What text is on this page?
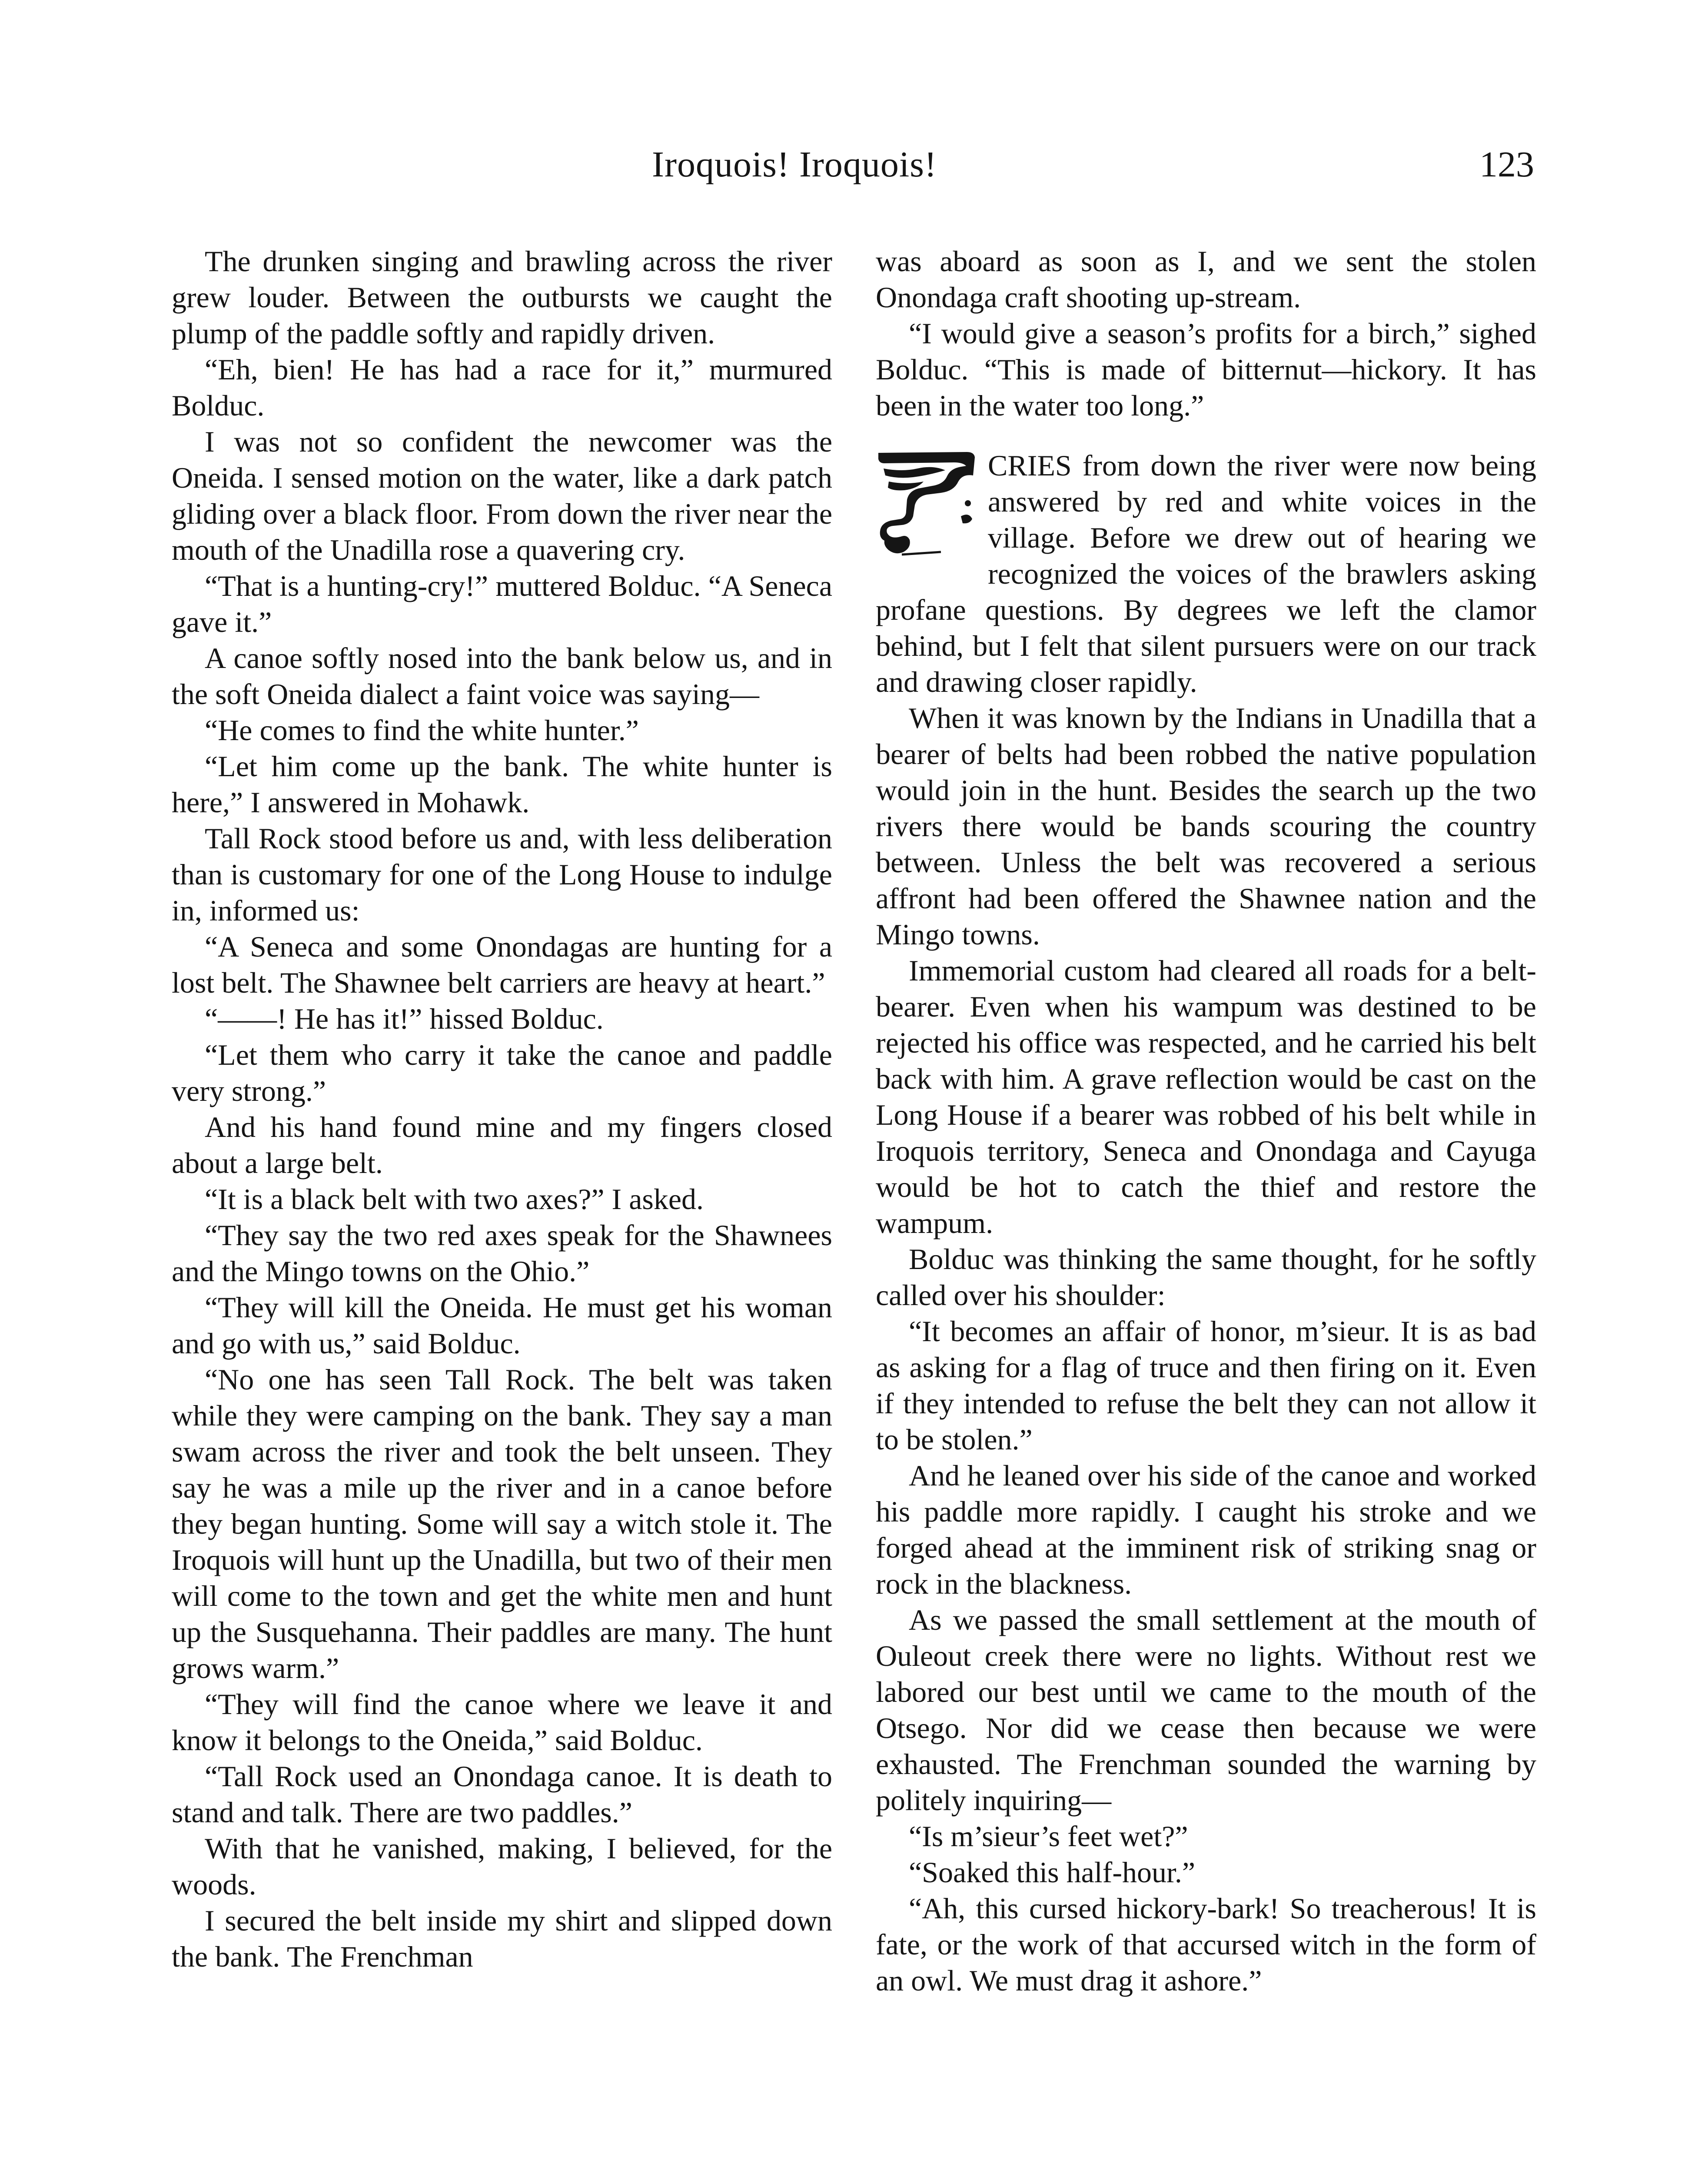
Iroquois! Iroquois!	123

The drunken singing and brawling across the river grew louder. Between the outbursts we caught the plump of the paddle softly and rapidly driven.

“Eh, bien! He has had a race for it,” murmured Bolduc.

I was not so confident the newcomer was the Oneida. I sensed motion on the water, like a dark patch gliding over a black floor. From down the river near the mouth of the Unadilla rose a quavering cry.

“That is a hunting-cry!” muttered Bolduc. “A Seneca gave it.”

A canoe softly nosed into the bank below us, and in the soft Oneida dialect a faint voice was saying—

“He comes to find the white hunter.”

“Let him come up the bank. The white hunter is here,” I answered in Mohawk.

Tall Rock stood before us and, with less deliberation than is customary for one of the Long House to indulge in, informed us:

“A Seneca and some Onondagas are hunting for a lost belt. The Shawnee belt carriers are heavy at heart.”

“——! He has it!” hissed Bolduc.

“Let them who carry it take the canoe and paddle very strong.”

And his hand found mine and my fingers closed about a large belt.

“It is a black belt with two axes?” I asked.

“They say the two red axes speak for the Shawnees and the Mingo towns on the Ohio.”

“They will kill the Oneida. He must get his woman and go with us,” said Bolduc.

“No one has seen Tall Rock. The belt was taken while they were camping on the bank. They say a man swam across the river and took the belt unseen. They say he was a mile up the river and in a canoe before they began hunting. Some will say a witch stole it. The Iroquois will hunt up the Unadilla, but two of their men will come to the town and get the white men and hunt up the Susquehanna. Their paddles are many. The hunt grows warm.”

“They will find the canoe where we leave it and know it belongs to the Oneida,” said Bolduc.

“Tall Rock used an Onondaga canoe. It is death to stand and talk. There are two paddles.”

With that he vanished, making, I believed, for the woods.

I secured the belt inside my shirt and slipped down the bank. The Frenchman

was aboard as soon as I, and we sent the stolen Onondaga craft shooting up-stream.

“I would give a season’s profits for a birch,” sighed Bolduc. “This is made of bitternut—hickory. It has been in the water too long.”

CRIES from down the river were now being answered by red and white voices in the village. Before we drew out of hearing we recognized the voices of the brawlers asking profane questions. By degrees we left the clamor behind, but I felt that silent pursuers were on our track and drawing closer rapidly.

When it was known by the Indians in Unadilla that a bearer of belts had been robbed the native population would join in the hunt. Besides the search up the two rivers there would be bands scouring the country between. Unless the belt was recovered a serious affront had been offered the Shawnee nation and the Mingo towns.

Immemorial custom had cleared all roads for a belt-bearer. Even when his wampum was destined to be rejected his office was respected, and he carried his belt back with him. A grave reflection would be cast on the Long House if a bearer was robbed of his belt while in Iroquois territory, Seneca and Onondaga and Cayuga would be hot to catch the thief and restore the wampum.

Bolduc was thinking the same thought, for he softly called over his shoulder:

“It becomes an affair of honor, m’sieur. It is as bad as asking for a flag of truce and then firing on it. Even if they intended to refuse the belt they can not allow it to be stolen.”

And he leaned over his side of the canoe and worked his paddle more rapidly. I caught his stroke and we forged ahead at the imminent risk of striking snag or rock in the blackness.

As we passed the small settlement at the mouth of Ouleout creek there were no lights. Without rest we labored our best until we came to the mouth of the Otsego. Nor did we cease then because we were exhausted. The Frenchman sounded the warning by politely inquiring—

“Is m’sieur’s feet wet?”

“Soaked this half-hour.”

“Ah, this cursed hickory-bark! So treacherous! It is fate, or the work of that accursed witch in the form of an owl. We must drag it ashore.”
